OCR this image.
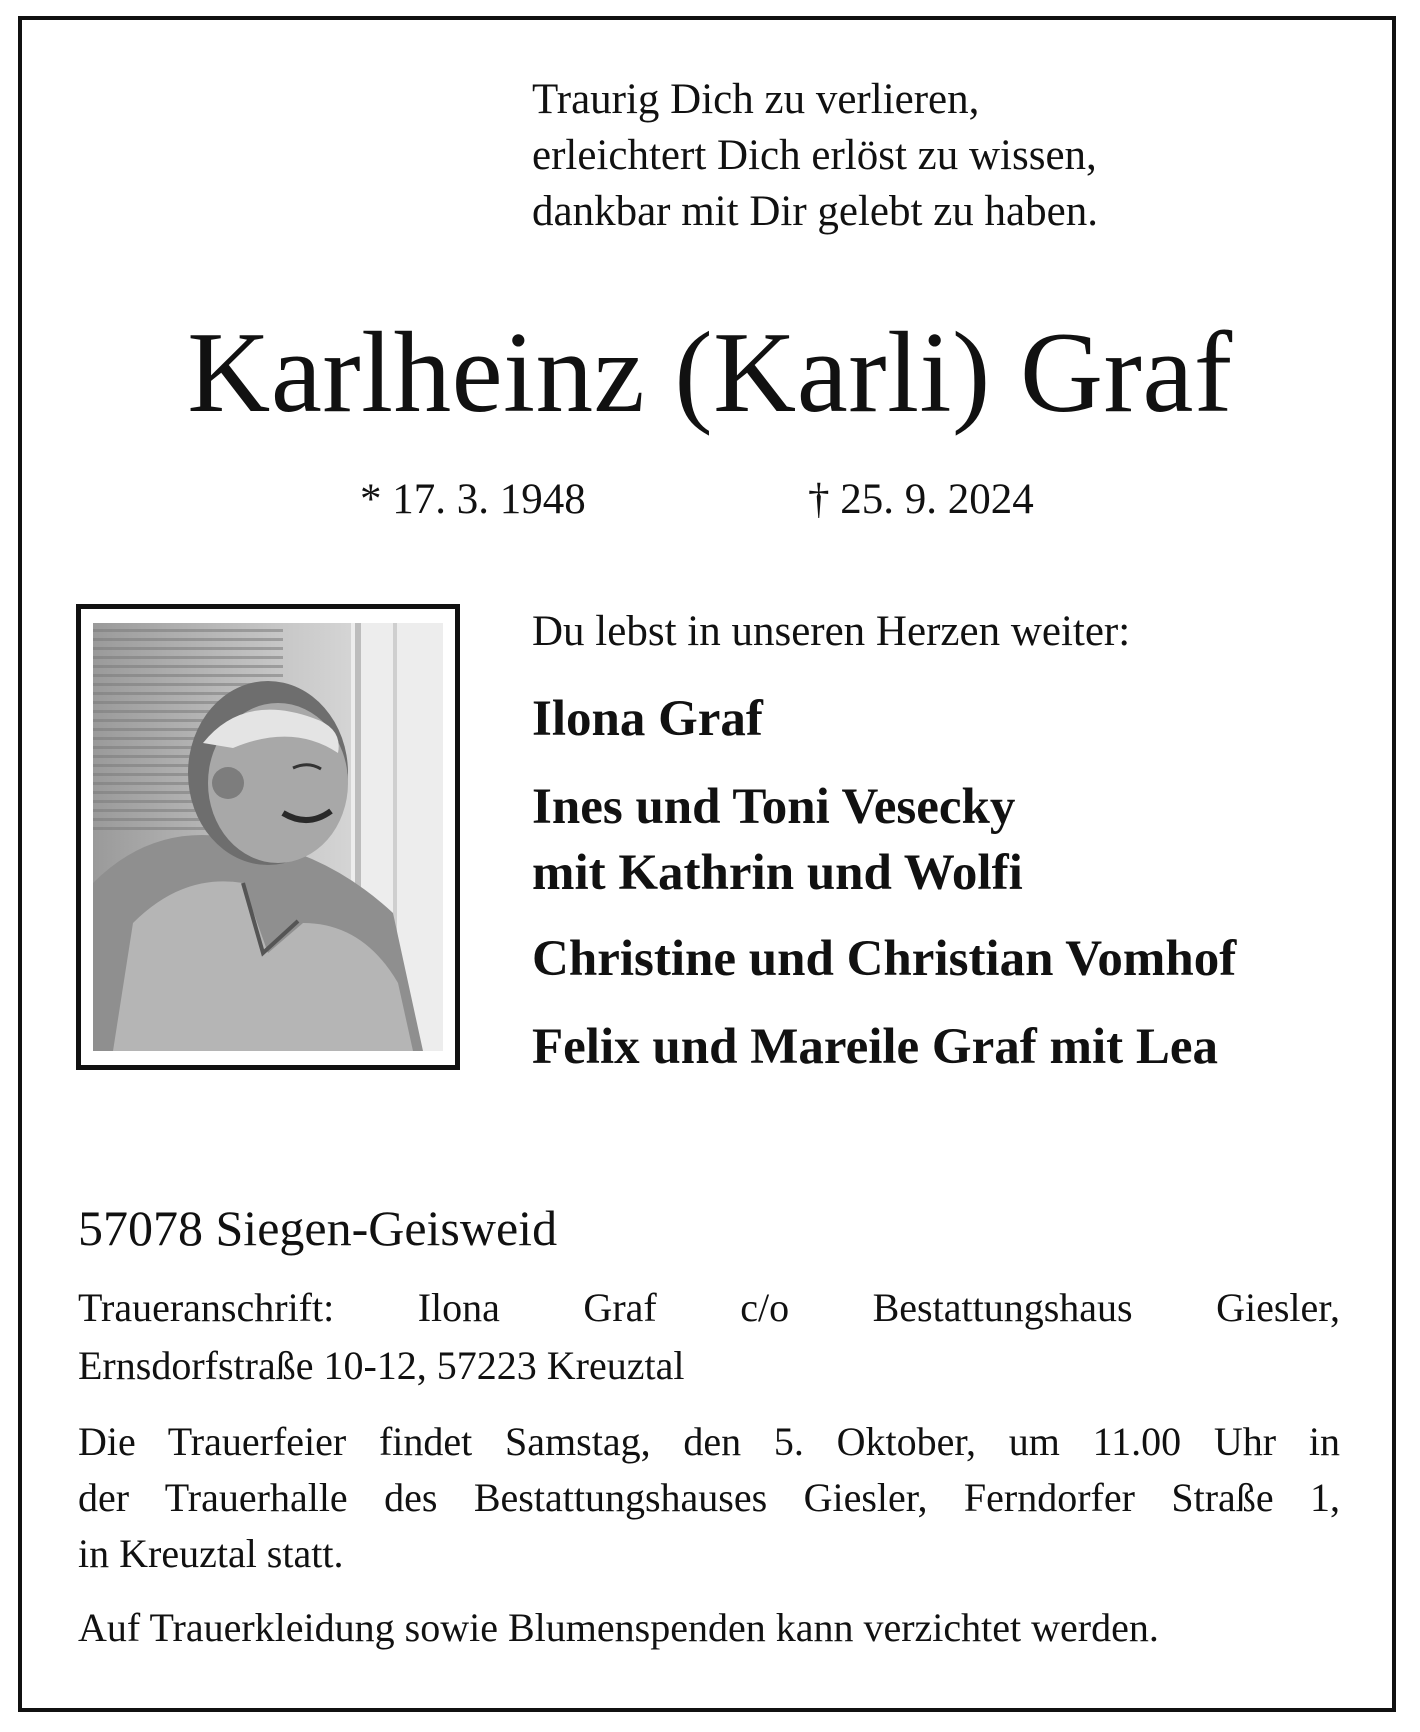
Traurig Dich zu verlieren,
erleichtert Dich erlöst zu wissen,
dankbar mit Dir gelebt zu haben.
Karlheinz (Karli) Graf
* 17. 3. 1948	† 25. 9. 2024
Du lebst in unseren Herzen weiter:
Ilona Graf
Ines und Toni Vesecky
mit Kathrin und Wolfi
Christine und Christian Vomhof
Felix und Mareile Graf mit Lea
57078 Siegen-Geisweid
Traueranschrift: Ilona Graf c/o Bestattungshaus Giesler,
Ernsdorfstraße 10-12, 57223 Kreuztal
Die Trauerfeier findet Samstag, den 5. Oktober, um 11.00 Uhr in
der Trauerhalle des Bestattungshauses Giesler, Ferndorfer Straße 1,
in Kreuztal statt.
Auf Trauerkleidung sowie Blumenspenden kann verzichtet werden.
